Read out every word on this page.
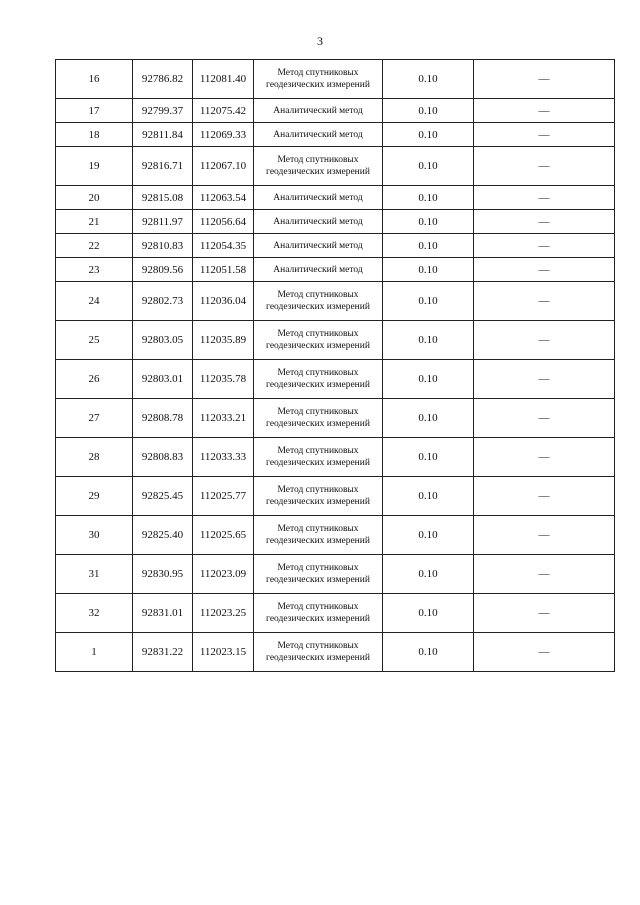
3
16	92786.82	112081.40	Метод спутниковых
геодезических измерений	0.10	—
17	92799.37	112075.42	Аналитический метод	0.10	—
18	92811.84	112069.33	Аналитический метод	0.10	—
19	92816.71	112067.10	Метод спутниковых
геодезических измерений	0.10	—
20	92815.08	112063.54	Аналитический метод	0.10	—
21	92811.97	112056.64	Аналитический метод	0.10	—
22	92810.83	112054.35	Аналитический метод	0.10	—
23	92809.56	112051.58	Аналитический метод	0.10	—
24	92802.73	112036.04	Метод спутниковых
геодезических измерений	0.10	—
25	92803.05	112035.89	Метод спутниковых
геодезических измерений	0.10	—
26	92803.01	112035.78	Метод спутниковых
геодезических измерений	0.10	—
27	92808.78	112033.21	Метод спутниковых
геодезических измерений	0.10	—
28	92808.83	112033.33	Метод спутниковых
геодезических измерений	0.10	—
29	92825.45	112025.77	Метод спутниковых
геодезических измерений	0.10	—
30	92825.40	112025.65	Метод спутниковых
геодезических измерений	0.10	—
31	92830.95	112023.09	Метод спутниковых
геодезических измерений	0.10	—
32	92831.01	112023.25	Метод спутниковых
геодезических измерений	0.10	—
1	92831.22	112023.15	Метод спутниковых
геодезических измерений	0.10	—
